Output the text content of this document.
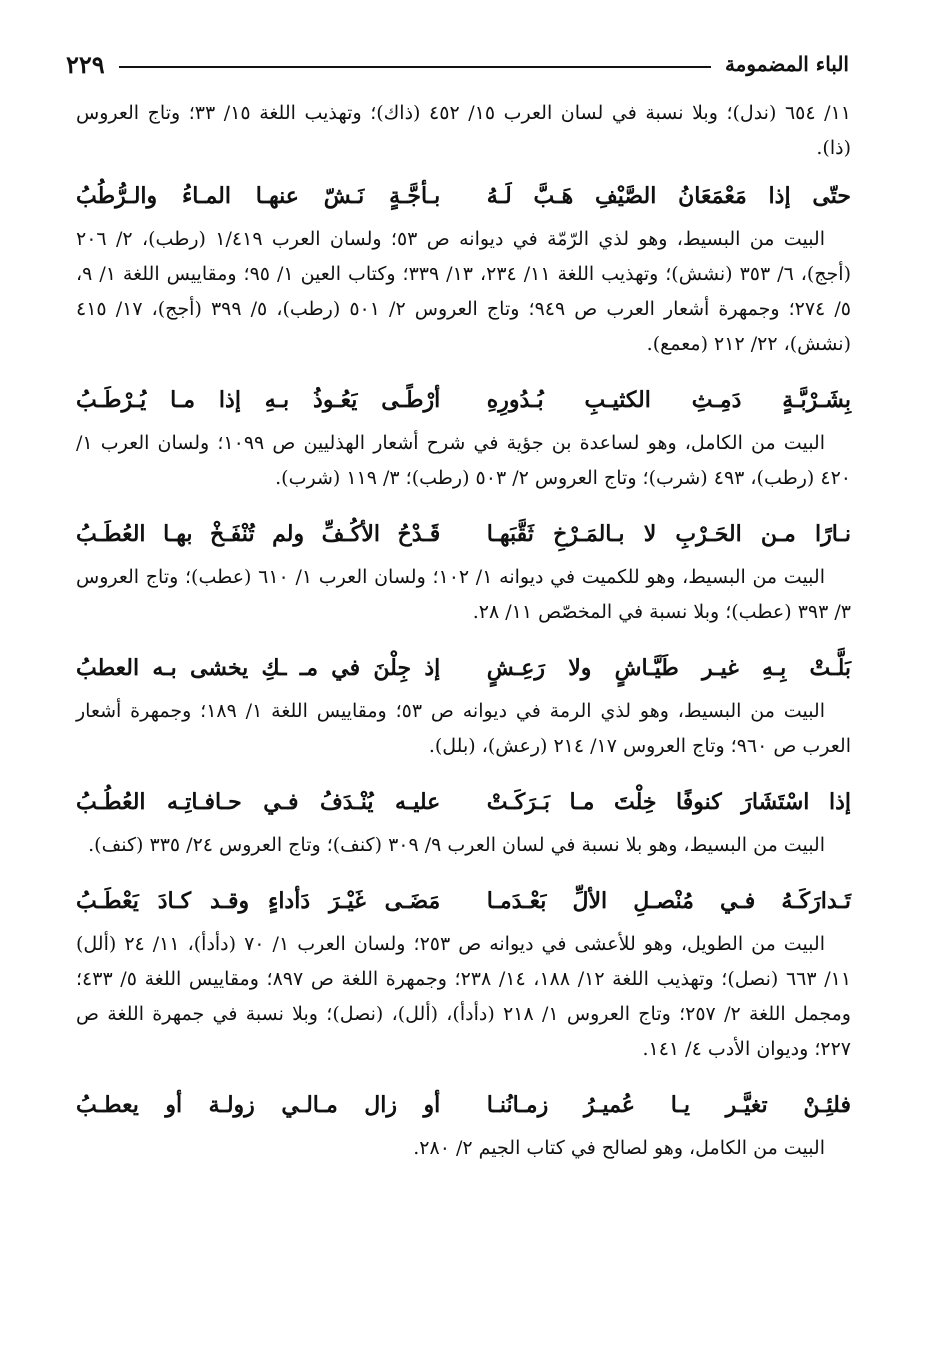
الباء المضمومة
٢٢٩

١١/ ٦٥٤ (ندل)؛ وبلا نسبة في لسان العرب ١٥/ ٤٥٢ (ذاك)؛ وتهذيب اللغة ١٥/ ٣٣؛ وتاج العروس (ذا).

حتّى إذا مَعْمَعَانُ الصَّيْفِ هَـبَّ لَـهُ
بـأجَّـةٍ نَـشّ عنهـا المـاءُ والـرُّطُبُ

البيت من البسيط، وهو لذي الرّمّة في ديوانه ص ٥٣؛ ولسان العرب ١/٤١٩ (رطب)، ٢/ ٢٠٦ (أجج)، ٦/ ٣٥٣ (نشش)؛ وتهذيب اللغة ١١/ ٢٣٤، ١٣/ ٣٣٩؛ وكتاب العين ١/ ٩٥؛ ومقاييس اللغة ١/ ٩، ٥/ ٢٧٤؛ وجمهرة أشعار العرب ص ٩٤٩؛ وتاج العروس ٢/ ٥٠١ (رطب)، ٥/ ٣٩٩ (أجج)، ١٧/ ٤١٥ (نشش)، ٢٢/ ٢١٢ (معمع).

بِشَـرْبَّـةٍ دَمِـثِ الكثيـبِ بُـدُورِهِ
أرْطًـى يَعُـوذُ بـهِ إذا مـا يُـرْطَـبُ

البيت من الكامل، وهو لساعدة بن جؤية في شرح أشعار الهذليين ص ١٠٩٩؛ ولسان العرب ١/ ٤٢٠ (رطب)، ٤٩٣ (شرب)؛ وتاج العروس ٢/ ٥٠٣ (رطب)؛ ٣/ ١١٩ (شرب).

نـارًا مـن الحَـرْبِ لا بـالمَـرْخِ ثَقَّبَهـا
قَـدْحُ الأكُـفِّ ولم تُنْفَـخْ بهـا العُطَـبُ

البيت من البسيط، وهو للكميت في ديوانه ١/ ١٠٢؛ ولسان العرب ١/ ٦١٠ (عطب)؛ وتاج العروس ٣/ ٣٩٣ (عطب)؛ وبلا نسبة في المخصّص ١١/ ٢٨.

بَلَّـتْ بِـهِ غيـر طَيَّـاشٍ ولا رَعِـشٍ
إذ جِلْنَ في مـ ـكِ يخشى بـه العطبُ

البيت من البسيط، وهو لذي الرمة في ديوانه ص ٥٣؛ ومقاييس اللغة ١/ ١٨٩؛ وجمهرة أشعار العرب ص ٩٦٠؛ وتاج العروس ١٧/ ٢١٤ (رعش)، (بلل).

إذا اسْتَشَارَ كنوفًا خِلْتَ مـا بَـرَكَـتْ
عليـه يُنْـدَفُ فـي حـافـاتِـه العُطُـبُ

البيت من البسيط، وهو بلا نسبة في لسان العرب ٩/ ٣٠٩ (كنف)؛ وتاج العروس ٢٤/ ٣٣٥ (كنف).

تَـدارَكَـهُ فـي مُنْصـلِ الألِّ بَعْـدَمـا
مَضَـى غَيْـرَ دَأداءٍ وقـد كـادَ يَعْطَـبُ

البيت من الطويل، وهو للأعشى في ديوانه ص ٢٥٣؛ ولسان العرب ١/ ٧٠ (دأدأ)، ١١/ ٢٤ (ألل) ١١/ ٦٦٣ (نصل)؛ وتهذيب اللغة ١٢/ ١٨٨، ١٤/ ٢٣٨؛ وجمهرة اللغة ص ٨٩٧؛ ومقاييس اللغة ٥/ ٤٣٣؛ ومجمل اللغة ٢/ ٢٥٧؛ وتاج العروس ١/ ٢١٨ (دأدأ)، (ألل)، (نصل)؛ وبلا نسبة في جمهرة اللغة ص ٢٢٧؛ وديوان الأدب ٤/ ١٤١.

فلئِـنْ تغيَّـر يـا عُميـرُ زمـانُنـا
أو زال مـالـي زولـة أو يعطـبُ

البيت من الكامل، وهو لصالح في كتاب الجيم ٢/ ٢٨٠.
